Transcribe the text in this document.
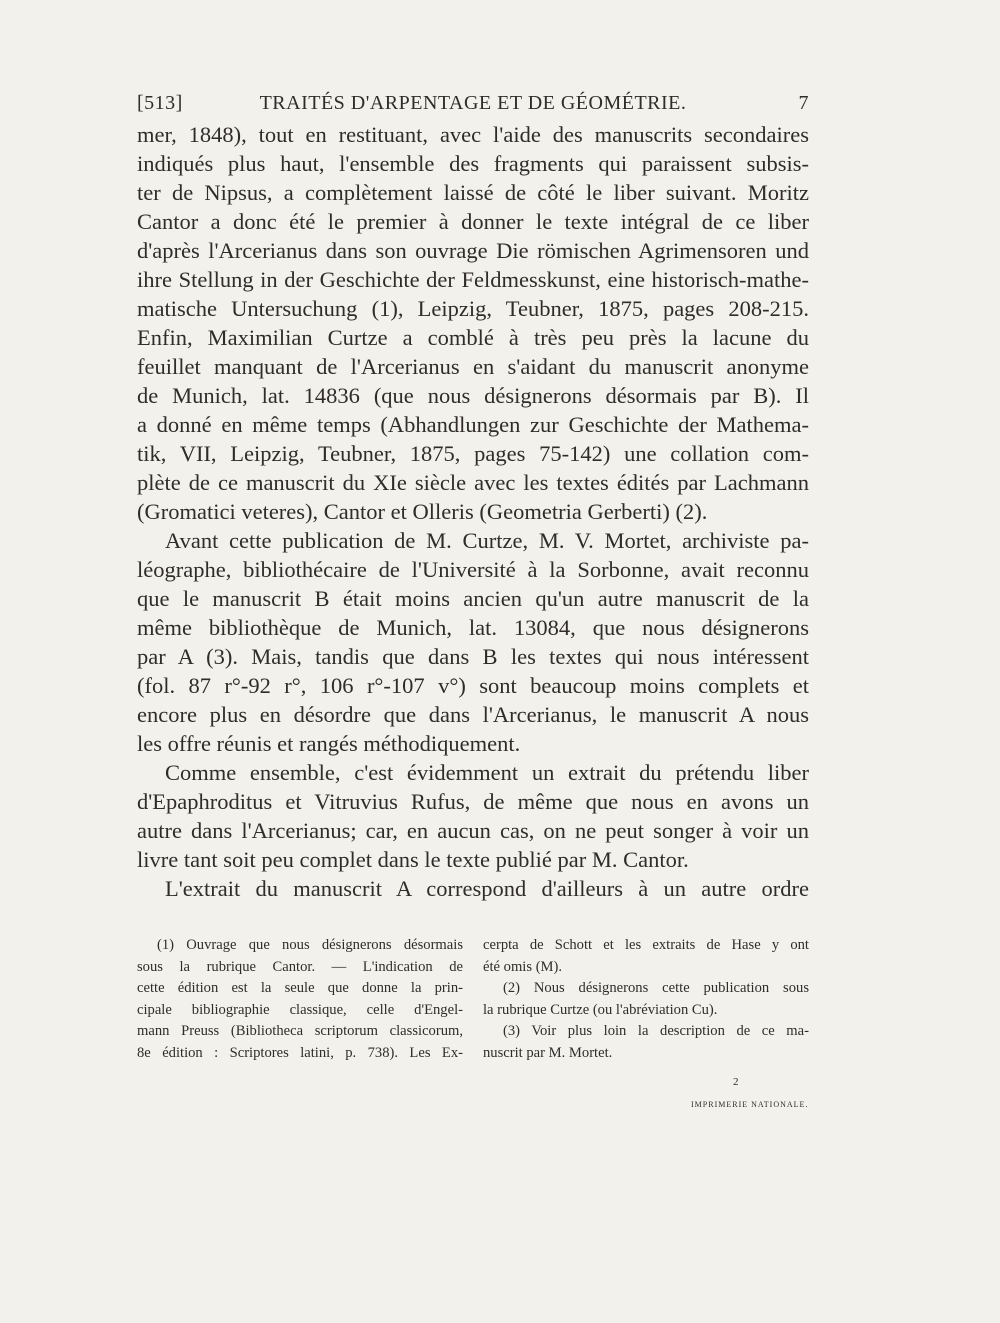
[513]	TRAITÉS D'ARPENTAGE ET DE GÉOMÉTRIE.	7

mer, 1848), tout en restituant, avec l'aide des manuscrits secondaires

indiqués plus haut, l'ensemble des fragments qui paraissent subsis-

ter de Nipsus, a complètement laissé de côté le liber suivant. Moritz

Cantor a donc été le premier à donner le texte intégral de ce liber

d'après l'Arcerianus dans son ouvrage Die römischen Agrimensoren und

ihre Stellung in der Geschichte der Feldmesskunst, eine historisch-mathe-

matische Untersuchung (1), Leipzig, Teubner, 1875, pages 208-215.

Enfin, Maximilian Curtze a comblé à très peu près la lacune du

feuillet manquant de l'Arcerianus en s'aidant du manuscrit anonyme

de Munich, lat. 14836 (que nous désignerons désormais par B). Il

a donné en même temps (Abhandlungen zur Geschichte der Mathema-

tik, VII, Leipzig, Teubner, 1875, pages 75-142) une collation com-

plète de ce manuscrit du XIe siècle avec les textes édités par Lachmann

(Gromatici veteres), Cantor et Olleris (Geometria Gerberti) (2).

Avant cette publication de M. Curtze, M. V. Mortet, archiviste pa-

léographe, bibliothécaire de l'Université à la Sorbonne, avait reconnu

que le manuscrit B était moins ancien qu'un autre manuscrit de la

même bibliothèque de Munich, lat. 13084, que nous désignerons

par A (3). Mais, tandis que dans B les textes qui nous intéressent

(fol. 87 r°-92 r°, 106 r°-107 v°) sont beaucoup moins complets et

encore plus en désordre que dans l'Arcerianus, le manuscrit A nous

les offre réunis et rangés méthodiquement.

Comme ensemble, c'est évidemment un extrait du prétendu liber

d'Epaphroditus et Vitruvius Rufus, de même que nous en avons un

autre dans l'Arcerianus; car, en aucun cas, on ne peut songer à voir un

livre tant soit peu complet dans le texte publié par M. Cantor.

L'extrait du manuscrit A correspond d'ailleurs à un autre ordre

(1) Ouvrage que nous désignerons désormais

sous la rubrique Cantor. — L'indication de

cette édition est la seule que donne la prin-

cipale bibliographie classique, celle d'Engel-

mann Preuss (Bibliotheca scriptorum classicorum,

8e édition : Scriptores latini, p. 738). Les Ex-

cerpta de Schott et les extraits de Hase y ont

été omis (M).

(2) Nous désignerons cette publication sous

la rubrique Curtze (ou l'abréviation Cu).

(3) Voir plus loin la description de ce ma-

nuscrit par M. Mortet.

2
IMPRIMERIE NATIONALE.
